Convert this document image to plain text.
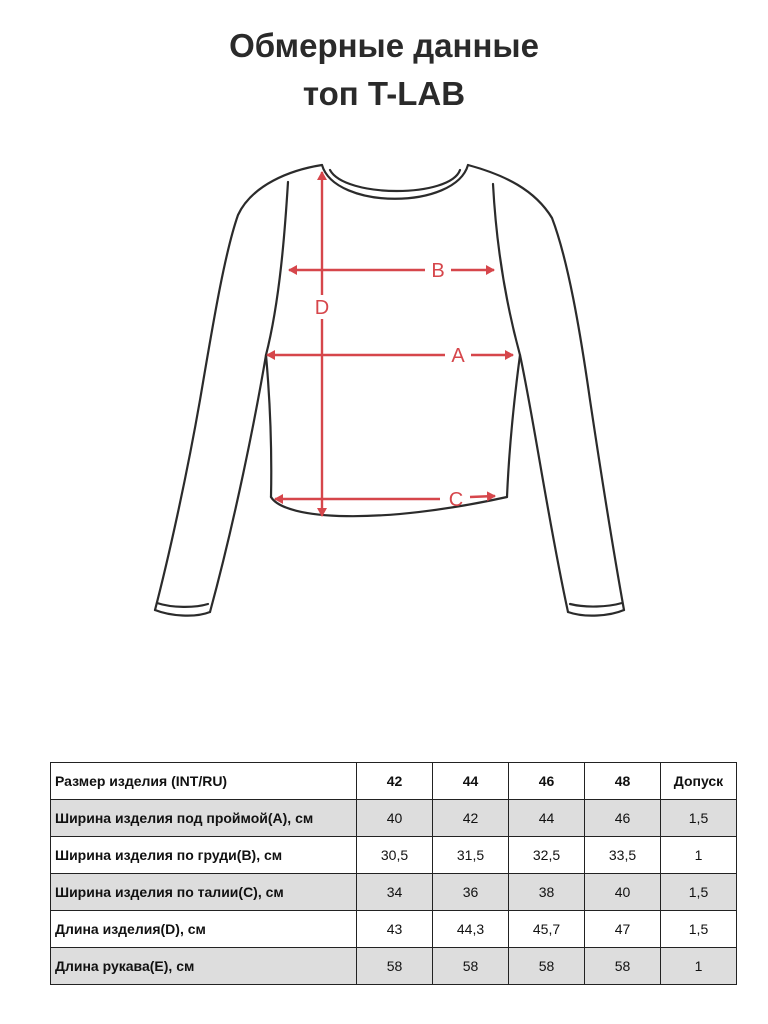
Обмерные данные
топ T-LAB
B
A
D
C
Размер изделия (INT/RU)	42	44	46	48	Допуск
Ширина изделия под проймой(A), см	40	42	44	46	1,5
Ширина изделия по груди(B), см	30,5	31,5	32,5	33,5	1
Ширина изделия по талии(C), см	34	36	38	40	1,5
Длина изделия(D), см	43	44,3	45,7	47	1,5
Длина рукава(E), см	58	58	58	58	1
